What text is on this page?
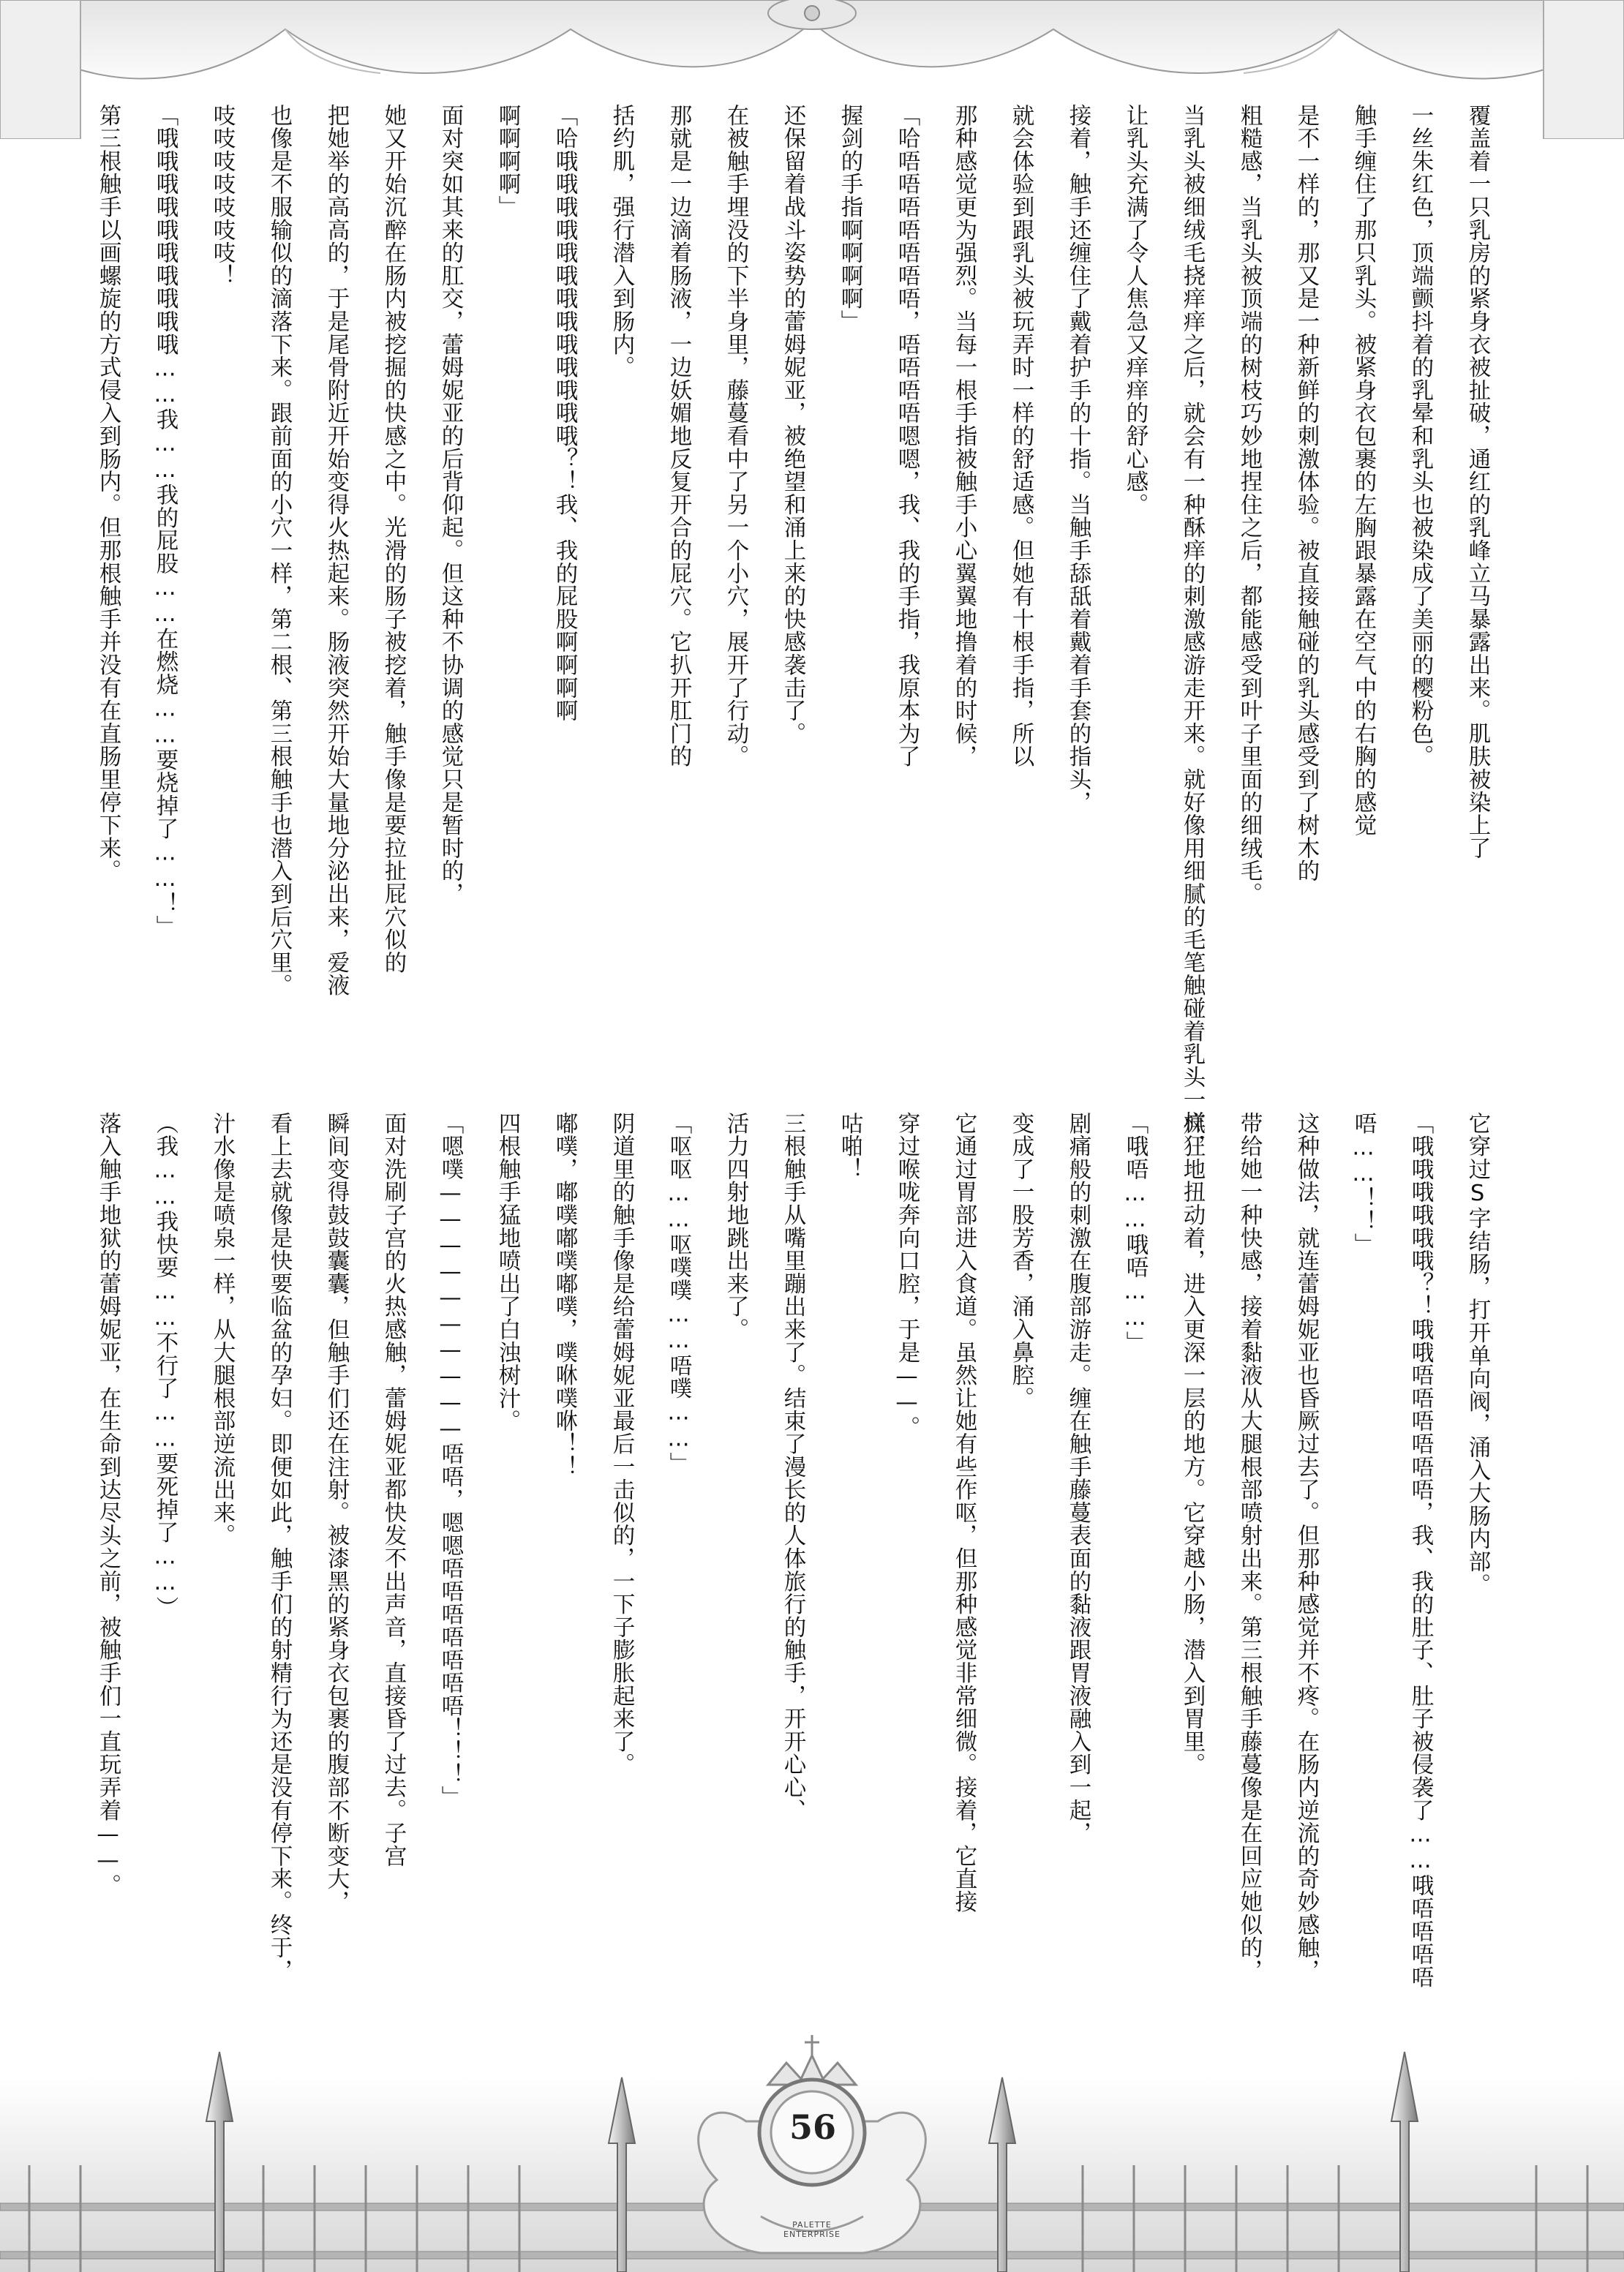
覆盖着一只乳房的紧身衣被扯破，通红的乳峰立马暴露出来。肌肤被染上了

一丝朱红色，顶端颤抖着的乳晕和乳头也被染成了美丽的樱粉色。

触手缠住了那只乳头。被紧身衣包裹的左胸跟暴露在空气中的右胸的感觉

是不一样的，那又是一种新鲜的刺激体验。被直接触碰的乳头感受到了树木的

粗糙感，当乳头被顶端的树枝巧妙地捏住之后，都能感受到叶子里面的细绒毛。

当乳头被细绒毛挠痒痒之后，就会有一种酥痒的刺激感游走开来。就好像用细腻的毛笔触碰着乳头一样，

让乳头充满了令人焦急又痒痒的舒心感。

接着，触手还缠住了戴着护手的十指。当触手舔舐着戴着手套的指头，

就会体验到跟乳头被玩弄时一样的舒适感。但她有十根手指，所以

那种感觉更为强烈。当每一根手指被触手小心翼翼地撸着的时候，

「哈唔唔唔唔唔唔唔，唔唔唔唔嗯嗯，我、我的手指，我原本为了

握剑的手指啊啊啊啊」

还保留着战斗姿势的蕾姆妮亚，被绝望和涌上来的快感袭击了。

在被触手埋没的下半身里，藤蔓看中了另一个小穴，展开了行动。

那就是一边滴着肠液，一边妖媚地反复开合的屁穴。它扒开肛门的

括约肌，强行潜入到肠内。

「哈哦哦哦哦哦哦哦哦哦哦哦哦哦？！我、我的屁股啊啊啊啊

啊啊啊啊」

面对突如其来的肛交，蕾姆妮亚的后背仰起。但这种不协调的感觉只是暂时的，

她又开始沉醉在肠内被挖掘的快感之中。光滑的肠子被挖着，触手像是要拉扯屁穴似的

把她举的高高的，于是尾骨附近开始变得火热起来。肠液突然开始大量地分泌出来，爱液

也像是不服输似的滴落下来。跟前面的小穴一样，第二根、第三根触手也潜入到后穴里。

吱吱吱吱吱吱吱！

「哦哦哦哦哦哦哦哦哦哦……我……我的屁股……在燃烧……要烧掉了……！」

第三根触手以画螺旋的方式侵入到肠内。但那根触手并没有在直肠里停下来。

它穿过S字结肠，打开单向阀，涌入大肠内部。

「哦哦哦哦哦哦？！哦哦唔唔唔唔唔唔，我、我的肚子、肚子被侵袭了……哦唔唔唔唔

唔……！！」

这种做法，就连蕾姆妮亚也昏厥过去了。但那种感觉并不疼。在肠内逆流的奇妙感触，

带给她一种快感，接着黏液从大腿根部喷射出来。第三根触手藤蔓像是在回应她似的，

疯狂地扭动着，进入更深一层的地方。它穿越小肠，潜入到胃里。

「哦唔……哦唔……」

剧痛般的刺激在腹部游走。缠在触手藤蔓表面的黏液跟胃液融入到一起，

变成了一股芳香，涌入鼻腔。

它通过胃部进入食道。虽然让她有些作呕，但那种感觉非常细微。接着，它直接

穿过喉咙奔向口腔，于是——。

咕啪！

三根触手从嘴里蹦出来了。结束了漫长的人体旅行的触手，开开心心、

活力四射地跳出来了。

「呕呕……呕噗噗……唔噗……」

阴道里的触手像是给蕾姆妮亚最后一击似的，一下子膨胀起来了。

嘟噗，嘟噗嘟噗嘟噗，噗咻噗咻！！

四根触手猛地喷出了白浊树汁。

「嗯噗——————————唔唔，嗯嗯唔唔唔唔唔唔唔！！！」

面对洗刷子宫的火热感触，蕾姆妮亚都快发不出声音，直接昏了过去。子宫

瞬间变得鼓鼓囊囊，但触手们还在注射。被漆黑的紧身衣包裹的腹部不断变大，

看上去就像是快要临盆的孕妇。即便如此，触手们的射精行为还是没有停下来。终于，

汁水像是喷泉一样，从大腿根部逆流出来。

（我……我快要……不行了……要死掉了……）

落入触手地狱的蕾姆妮亚，在生命到达尽头之前，被触手们一直玩弄着——。

56
PALETTE ENTERPRISE
